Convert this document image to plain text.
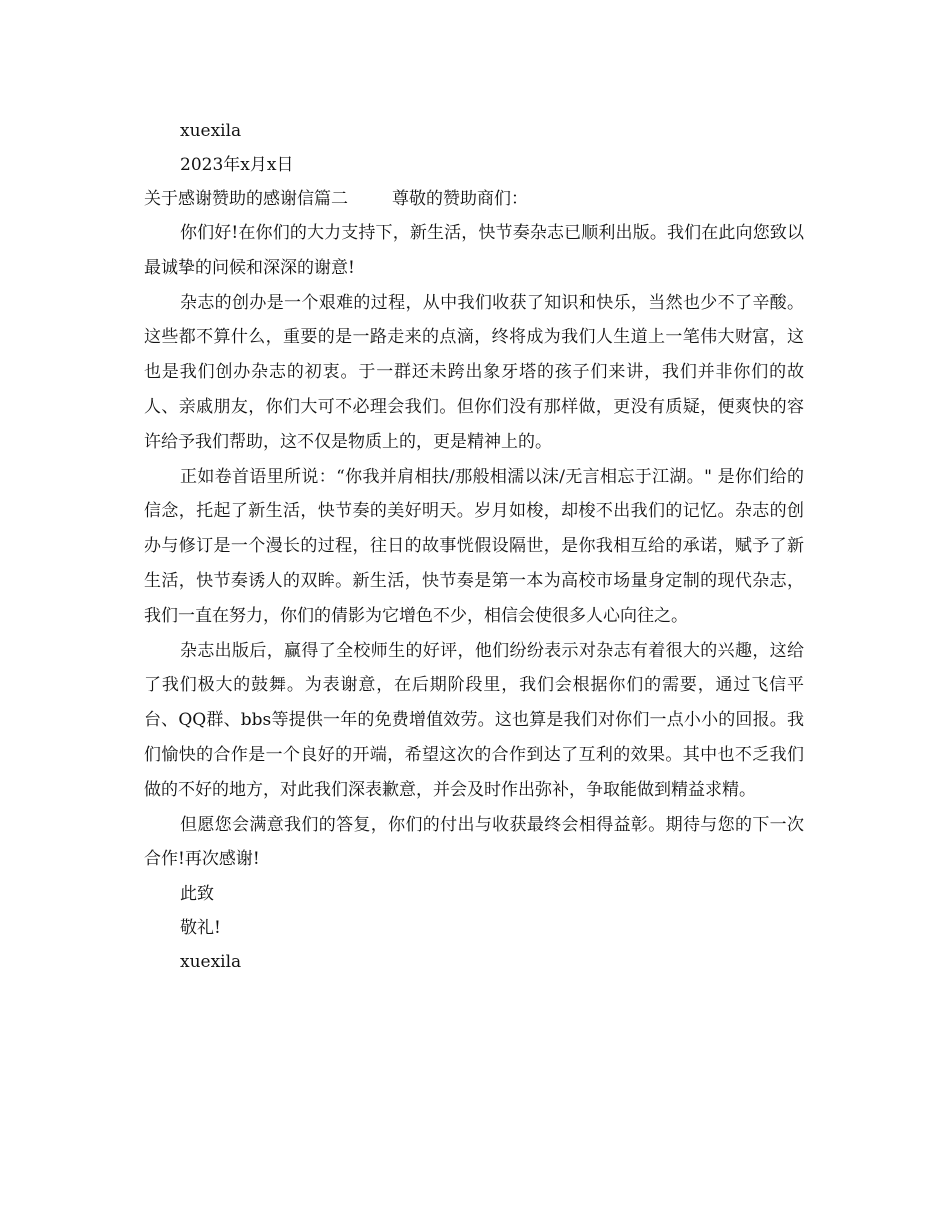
xuexila
2023年x月x日
关于感谢赞助的感谢信篇二	尊敬的赞助商们：

你们好!在你们的大力支持下，新生活，快节奏杂志已顺利出版。我们在此向您致以最诚挚的问候和深深的谢意!

杂志的创办是一个艰难的过程，从中我们收获了知识和快乐，当然也少不了辛酸。这些都不算什么，重要的是一路走来的点滴，终将成为我们人生道上一笔伟大财富，这也是我们创办杂志的初衷。于一群还未跨出象牙塔的孩子们来讲，我们并非你们的故人、亲戚朋友，你们大可不必理会我们。但你们没有那样做，更没有质疑，便爽快的容许给予我们帮助，这不仅是物质上的，更是精神上的。

正如卷首语里所说：“你我并肩相扶/那般相濡以沫/无言相忘于江湖。" 是你们给的信念，托起了新生活，快节奏的美好明天。岁月如梭，却梭不出我们的记忆。杂志的创办与修订是一个漫长的过程，往日的故事恍假设隔世，是你我相互给的承诺，赋予了新生活，快节奏诱人的双眸。新生活，快节奏是第一本为高校市场量身定制的现代杂志，我们一直在努力，你们的倩影为它增色不少，相信会使很多人心向往之。

杂志出版后，赢得了全校师生的好评，他们纷纷表示对杂志有着很大的兴趣，这给了我们极大的鼓舞。为表谢意，在后期阶段里，我们会根据你们的需要，通过飞信平台、QQ群、bbs等提供一年的免费增值效劳。这也算是我们对你们一点小小的回报。我们愉快的合作是一个良好的开端，希望这次的合作到达了互利的效果。其中也不乏我们做的不好的地方，对此我们深表歉意，并会及时作出弥补，争取能做到精益求精。

但愿您会满意我们的答复，你们的付出与收获最终会相得益彰。期待与您的下一次合作!再次感谢!

此致
敬礼!
xuexila
